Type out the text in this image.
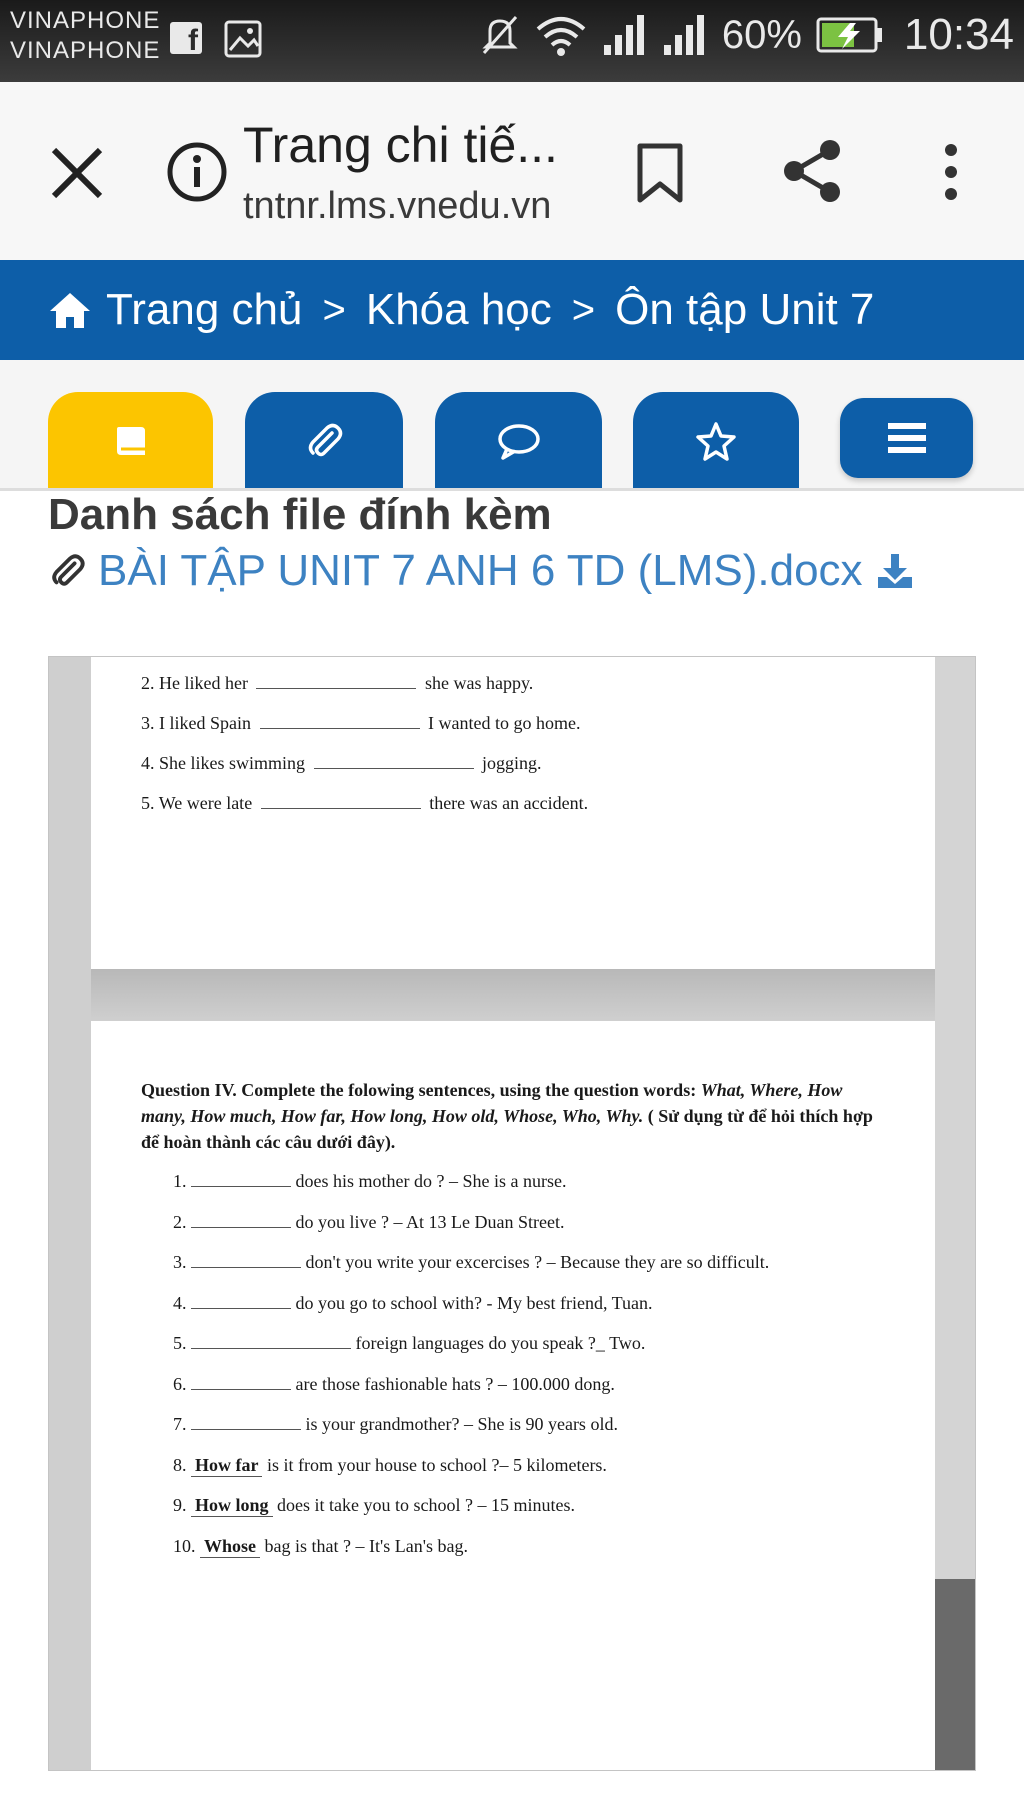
VINAPHONE
VINAPHONE f	60% 10:34
Trang chi tiế...
tntnr.lms.vnedu.vn
Trang chủ > Khóa học > Ôn tập Unit 7
Danh sách file đính kèm
BÀI TẬP UNIT 7 ANH 6 TD (LMS).docx
2. He liked her	she was happy.
3. I liked Spain	I wanted to go home.
4. She likes swimming	jogging.
5. We were late	there was an accident.
Question IV. Complete the folowing sentences, using the question words: What, Where, How many, How much, How far, How long, How old, Whose, Who, Why. ( Sử dụng từ để hỏi thích hợp để hoàn thành các câu dưới đây).
1.	does his mother do ? – She is a nurse.
2.	do you live ? – At 13 Le Duan Street.
3.	don't you write your excercises ? – Because they are so difficult.
4.	do you go to school with? - My best friend, Tuan.
5.	foreign languages do you speak ?_ Two.
6.	are those fashionable hats ? – 100.000 dong.
7.	is your grandmother? – She is 90 years old.
8. How far is it from your house to school ?– 5 kilometers.
9. How long does it take you to school ? – 15 minutes.
10. Whose bag is that ? – It's Lan's bag.
